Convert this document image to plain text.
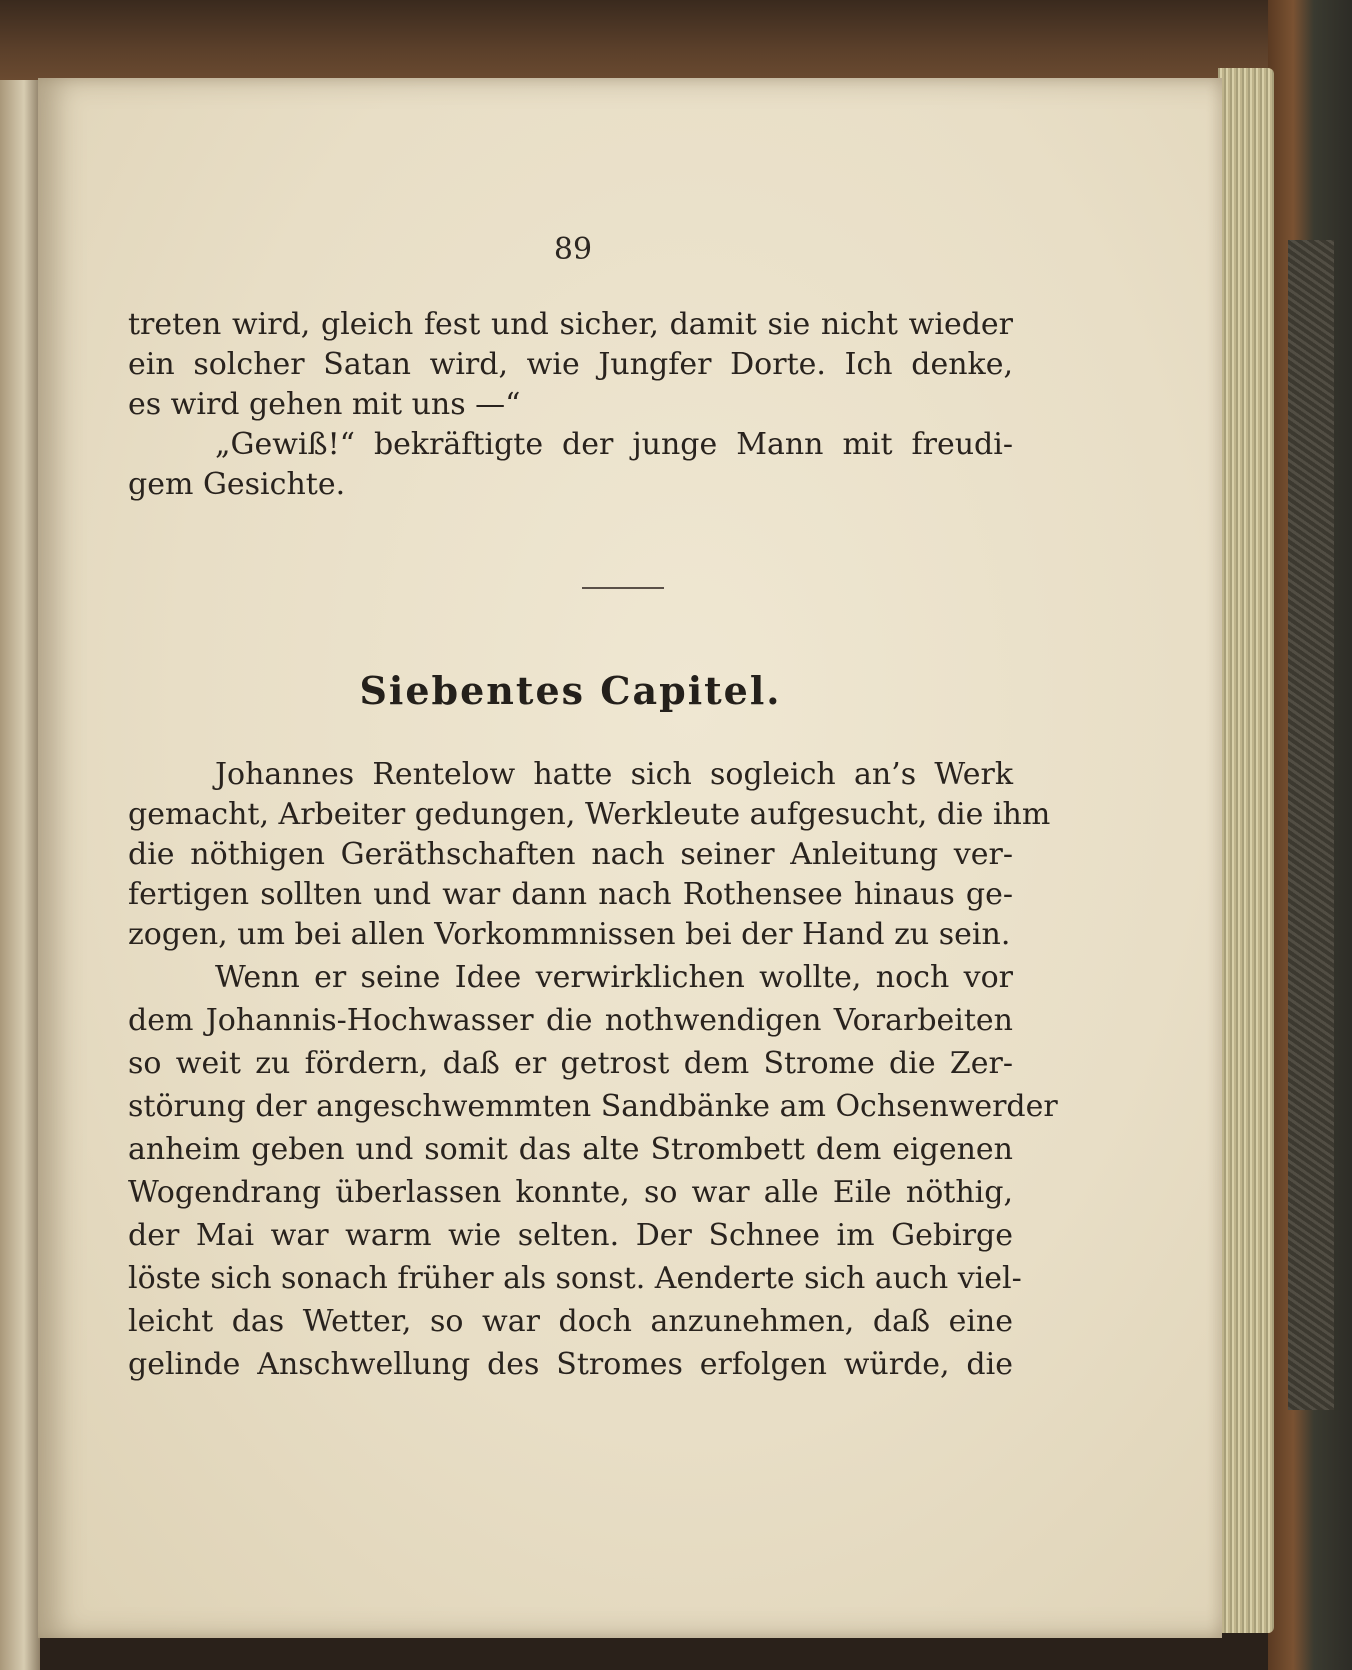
89
treten wird, gleich fest und sicher, damit sie nicht wieder
ein solcher Satan wird, wie Jungfer Dorte. Ich denke,
es wird gehen mit uns —“
„Gewiß!“ bekräftigte der junge Mann mit freudi-
gem Gesichte.
Siebentes Capitel.
Johannes Rentelow hatte sich sogleich an’s Werk
gemacht, Arbeiter gedungen, Werkleute aufgesucht, die ihm
die nöthigen Geräthschaften nach seiner Anleitung ver-
fertigen sollten und war dann nach Rothensee hinaus ge-
zogen, um bei allen Vorkommnissen bei der Hand zu sein.
Wenn er seine Idee verwirklichen wollte, noch vor
dem Johannis-Hochwasser die nothwendigen Vorarbeiten
so weit zu fördern, daß er getrost dem Strome die Zer-
störung der angeschwemmten Sandbänke am Ochsenwerder
anheim geben und somit das alte Strombett dem eigenen
Wogendrang überlassen konnte, so war alle Eile nöthig,
der Mai war warm wie selten. Der Schnee im Gebirge
löste sich sonach früher als sonst. Aenderte sich auch viel-
leicht das Wetter, so war doch anzunehmen, daß eine
gelinde Anschwellung des Stromes erfolgen würde, die
